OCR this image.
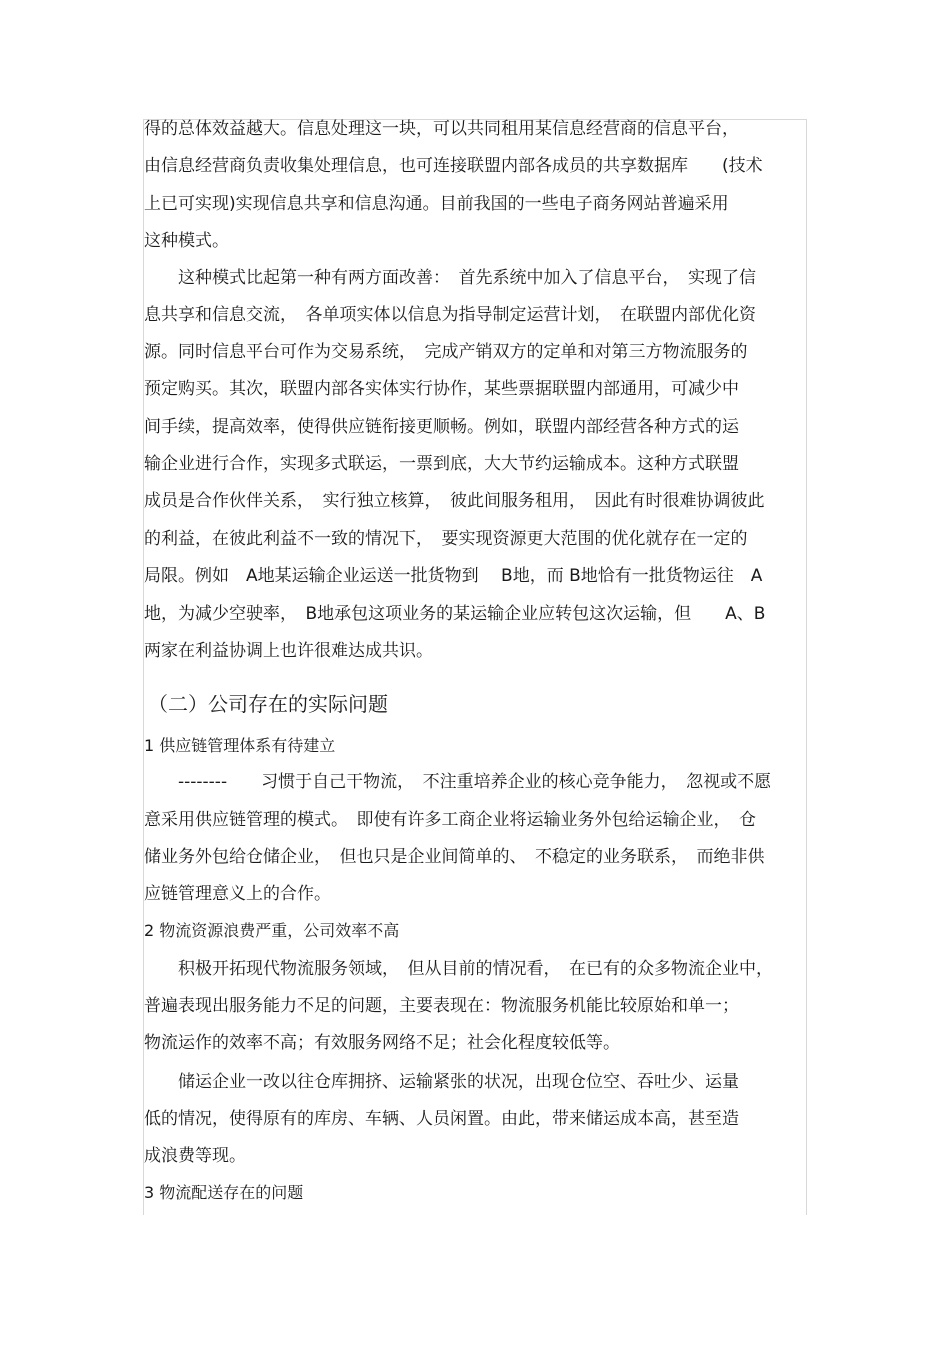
得的总体效益越大。信息处理这一块，可以共同租用某信息经营商的信息平台，
由信息经营商负责收集处理信息，也可连接联盟内部各成员的共享数据库　　(技术
上已可实现)实现信息共享和信息沟通。目前我国的一些电子商务网站普遍采用
这种模式。
　　这种模式比起第一种有两方面改善：　首先系统中加入了信息平台，　实现了信
息共享和信息交流，　各单项实体以信息为指导制定运营计划，　在联盟内部优化资
源。同时信息平台可作为交易系统，　完成产销双方的定单和对第三方物流服务的
预定购买。其次，联盟内部各实体实行协作，某些票据联盟内部通用，可减少中
间手续，提高效率，使得供应链衔接更顺畅。例如，联盟内部经营各种方式的运
输企业进行合作，实现多式联运，一票到底，大大节约运输成本。这种方式联盟
成员是合作伙伴关系，　实行独立核算，　彼此间服务租用，　因此有时很难协调彼此
的利益，在彼此利益不一致的情况下，　要实现资源更大范围的优化就存在一定的
局限。例如　A地某运输企业运送一批货物到　 B地，而 B地恰有一批货物运往　A
地，为减少空驶率，　B地承包这项业务的某运输企业应转包这次运输，但　　A、B
两家在利益协调上也许很难达成共识。
（二）公司存在的实际问题
1 供应链管理体系有待建立
　　--------　　习惯于自己干物流，　不注重培养企业的核心竞争能力，　忽视或不愿
意采用供应链管理的模式。　即使有许多工商企业将运输业务外包给运输企业，　仓
储业务外包给仓储企业，　但也只是企业间简单的、　不稳定的业务联系，　而绝非供
应链管理意义上的合作。
2 物流资源浪费严重，公司效率不高
　　积极开拓现代物流服务领域，　但从目前的情况看，　在已有的众多物流企业中，
普遍表现出服务能力不足的问题，主要表现在：物流服务机能比较原始和单一；
物流运作的效率不高；有效服务网络不足；社会化程度较低等。
　　储运企业一改以往仓库拥挤、运输紧张的状况，出现仓位空、吞吐少、运量
低的情况，使得原有的库房、车辆、人员闲置。由此，带来储运成本高，甚至造
成浪费等现。
3 物流配送存在的问题
